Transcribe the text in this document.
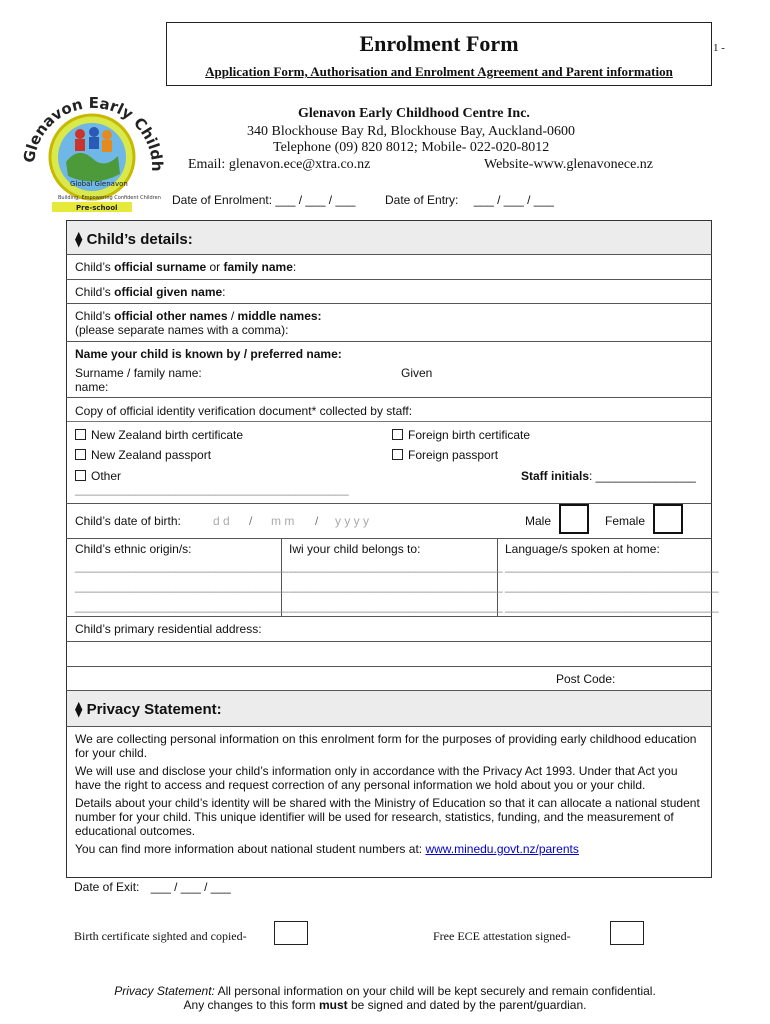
Enrolment Form
Application Form, Authorisation and Enrolment Agreement and Parent information
1 -
Glenavon Early Child
Global Glenavon
Building, Empowering Confident Children
Pre-school
Glenavon Early Childhood Centre Inc.
340 Blockhouse Bay Rd, Blockhouse Bay, Auckland-0600
Telephone (09) 820 8012; Mobile- 022-020-8012
Email: glenavon.ece@xtra.co.nz	Website-www.glenavonece.nz
Date of Enrolment: ___ / ___ / ___ Date of Entry: ___ / ___ / ___
⧫ Child’s details:
Child’s official surname or family name:
Child’s official given name:
Child’s official other names / middle names:
(please separate names with a comma):
Name your child is known by / preferred name:
Surname / family name:	Given
name:
Copy of official identity verification document* collected by staff:
New Zealand birth certificate	Foreign birth certificate
New Zealand passport	Foreign passport
Other	Staff initials: _______________
_________________________________________
Child’s date of birth:	d d / m m / y y y y	Male	Female
Child’s ethnic origin/s:	Iwi your child belongs to:	Language/s spoken at home:
________________________________
________________________________
________________________________
________________________________
________________________________
________________________________
________________________________
________________________________
________________________________
Child’s primary residential address:
Post Code:
⧫ Privacy Statement:

We are collecting personal information on this enrolment form for the purposes of providing early childhood education for your child.

We will use and disclose your child’s information only in accordance with the Privacy Act 1993. Under that Act you have the right to access and request correction of any personal information we hold about you or your child.

Details about your child’s identity will be shared with the Ministry of Education so that it can allocate a national student number for your child. This unique identifier will be used for research, statistics, funding, and the measurement of educational outcomes.

You can find more information about national student numbers at: www.minedu.govt.nz/parents

Date of Exit: ___ / ___ / ___
Birth certificate sighted and copied-	Free ECE attestation signed-
Privacy Statement: All personal information on your child will be kept securely and remain confidential.
Any changes to this form must be signed and dated by the parent/guardian.
